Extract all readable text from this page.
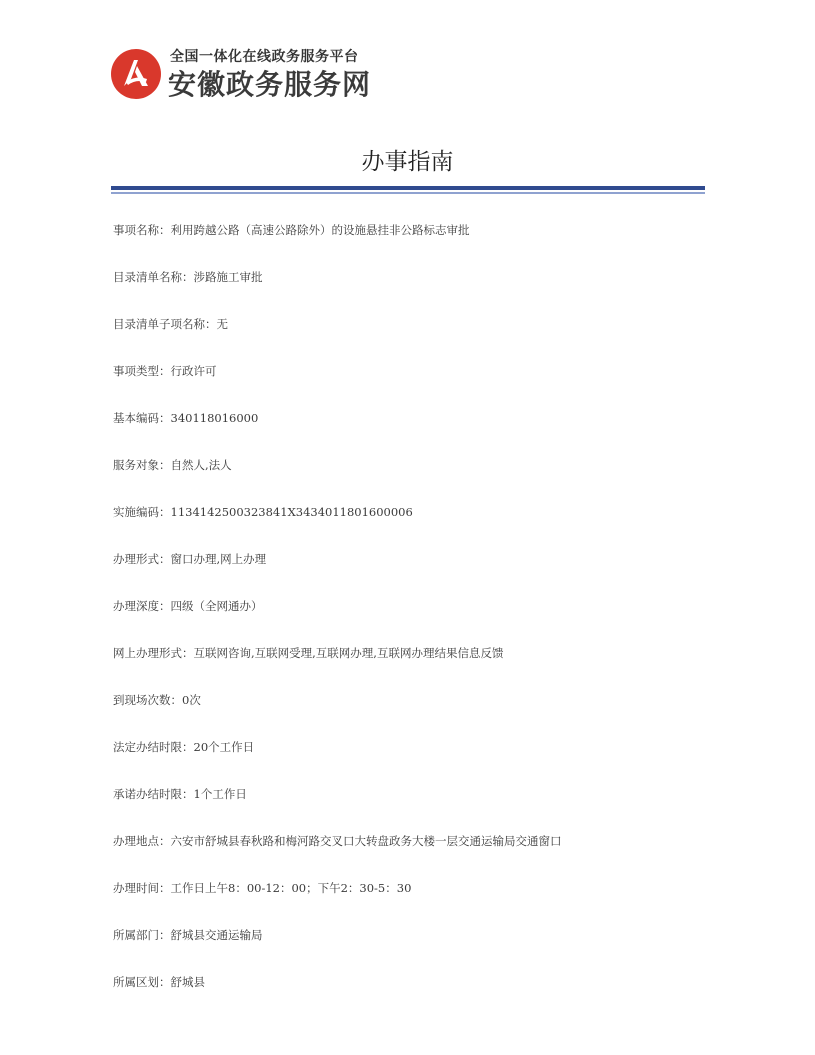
全国一体化在线政务服务平台
安徽政务服务网
办事指南
事项名称：利用跨越公路（高速公路除外）的设施悬挂非公路标志审批
目录清单名称：涉路施工审批
目录清单子项名称：无
事项类型：行政许可
基本编码：340118016000
服务对象：自然人,法人
实施编码：1134142500323841X3434011801600006
办理形式：窗口办理,网上办理
办理深度：四级（全网通办）
网上办理形式：互联网咨询,互联网受理,互联网办理,互联网办理结果信息反馈
到现场次数：0次
法定办结时限：20个工作日
承诺办结时限：1个工作日
办理地点：六安市舒城县春秋路和梅河路交叉口大转盘政务大楼一层交通运输局交通窗口
办理时间：工作日上午8：00-12：00；下午2：30-5：30
所属部门：舒城县交通运输局
所属区划：舒城县
